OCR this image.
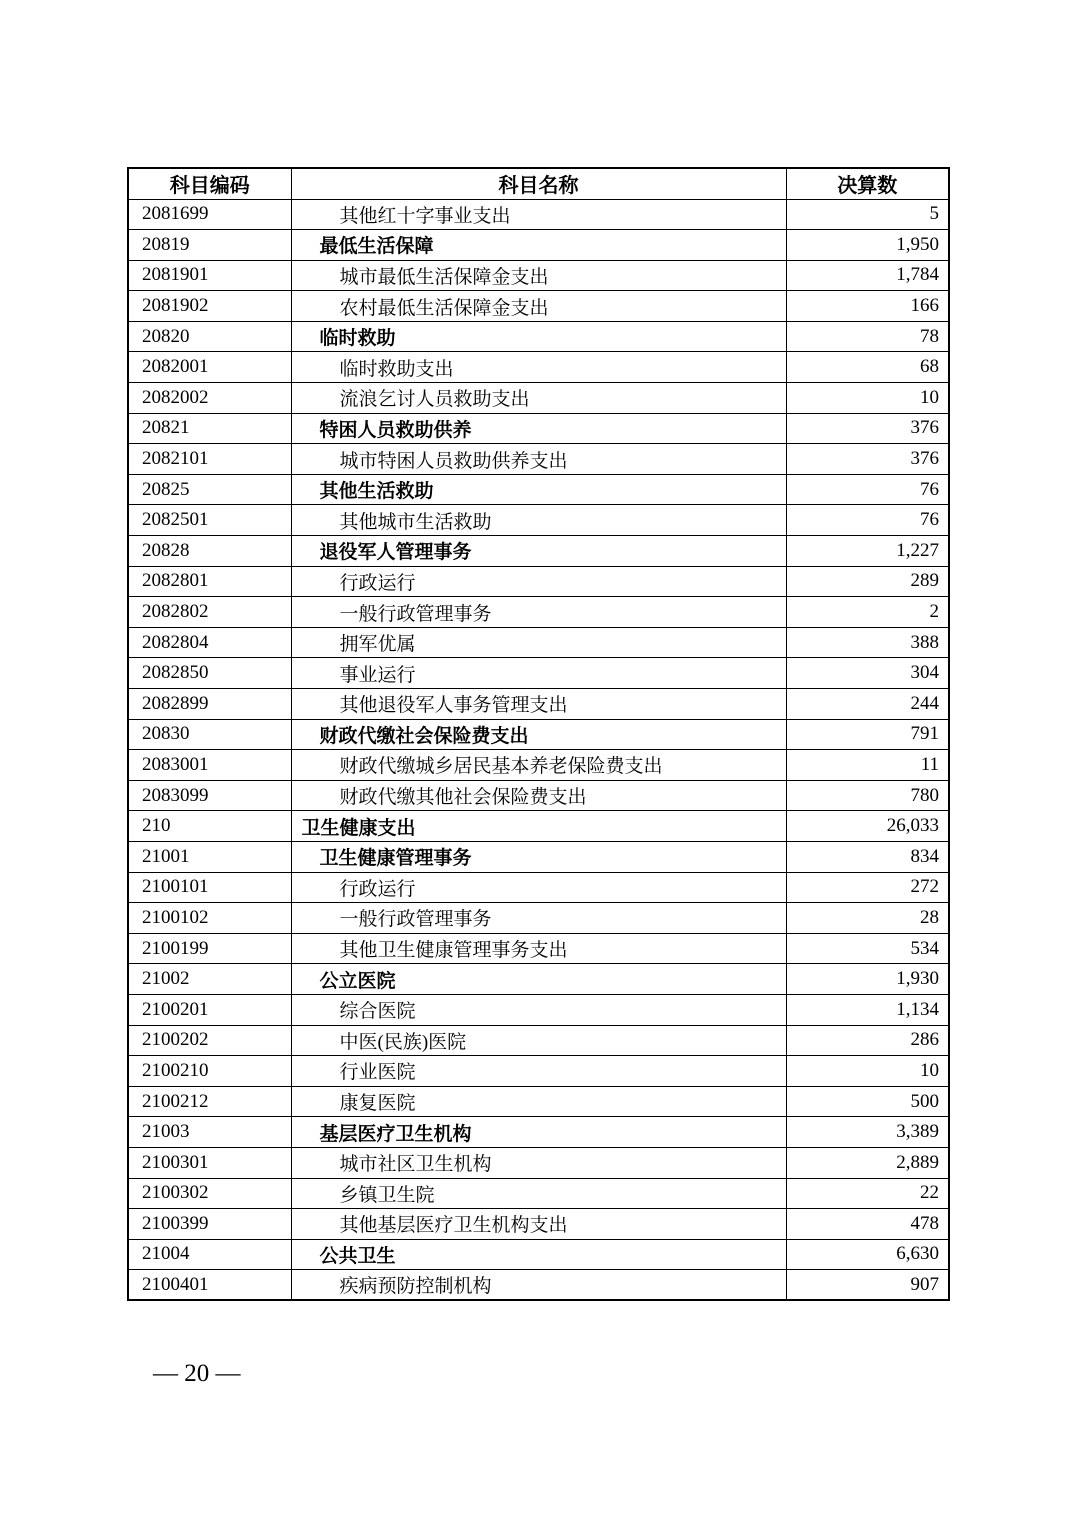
科目编码	科目名称	决算数
2081699	其他红十字事业支出	5
20819	最低生活保障	1,950
2081901	城市最低生活保障金支出	1,784
2081902	农村最低生活保障金支出	166
20820	临时救助	78
2082001	临时救助支出	68
2082002	流浪乞讨人员救助支出	10
20821	特困人员救助供养	376
2082101	城市特困人员救助供养支出	376
20825	其他生活救助	76
2082501	其他城市生活救助	76
20828	退役军人管理事务	1,227
2082801	行政运行	289
2082802	一般行政管理事务	2
2082804	拥军优属	388
2082850	事业运行	304
2082899	其他退役军人事务管理支出	244
20830	财政代缴社会保险费支出	791
2083001	财政代缴城乡居民基本养老保险费支出	11
2083099	财政代缴其他社会保险费支出	780
210	卫生健康支出	26,033
21001	卫生健康管理事务	834
2100101	行政运行	272
2100102	一般行政管理事务	28
2100199	其他卫生健康管理事务支出	534
21002	公立医院	1,930
2100201	综合医院	1,134
2100202	中医(民族)医院	286
2100210	行业医院	10
2100212	康复医院	500
21003	基层医疗卫生机构	3,389
2100301	城市社区卫生机构	2,889
2100302	乡镇卫生院	22
2100399	其他基层医疗卫生机构支出	478
21004	公共卫生	6,630
2100401	疾病预防控制机构	907
— 20 —
